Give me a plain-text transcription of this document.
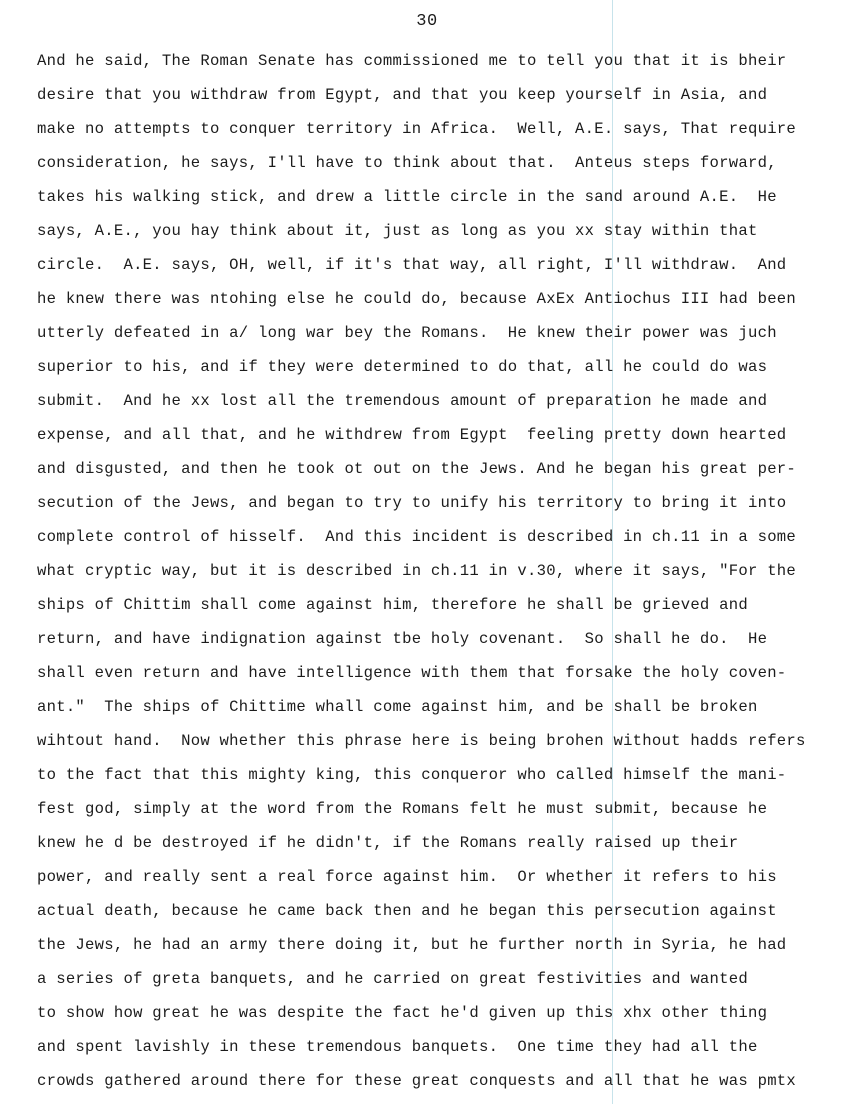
30
And he said, The Roman Senate has commissioned me to tell you that it is bheir
desire that you withdraw from Egypt, and that you keep yourself in Asia, and
make no attempts to conquer territory in Africa.  Well, A.E. says, That require
consideration, he says, I'll have to think about that.  Anteus steps forward,
takes his walking stick, and drew a little circle in the sand around A.E.  He
says, A.E., you hay think about it, just as long as you xx stay within that
circle.  A.E. says, OH, well, if it's that way, all right, I'll withdraw.  And
he knew there was ntohing else he could do, because AxEx Antiochus III had been
utterly defeated in a/ long war bey the Romans.  He knew their power was juch
superior to his, and if they were determined to do that, all he could do was
submit.  And he xx lost all the tremendous amount of preparation he made and
expense, and all that, and he withdrew from Egypt  feeling pretty down hearted
and disgusted, and then he took ot out on the Jews. And he began his great per-
secution of the Jews, and began to try to unify his territory to bring it into
complete control of hisself.  And this incident is described in ch.11 in a some
what cryptic way, but it is described in ch.11 in v.30, where it says, "For the
ships of Chittim shall come against him, therefore he shall be grieved and
return, and have indignation against tbe holy covenant.  So shall he do.  He
shall even return and have intelligence with them that forsake the holy coven-
ant."  The ships of Chittime whall come against him, and be shall be broken
wihtout hand.  Now whether this phrase here is being brohen without hadds refers
to the fact that this mighty king, this conqueror who called himself the mani-
fest god, simply at the word from the Romans felt he must submit, because he
knew he d be destroyed if he didn't, if the Romans really raised up their
power, and really sent a real force against him.  Or whether it refers to his
actual death, because he came back then and he began this persecution against
the Jews, he had an army there doing it, but he further north in Syria, he had
a series of greta banquets, and he carried on great festivities and wanted
to show how great he was despite the fact he'd given up this xhx other thing
and spent lavishly in these tremendous banquets.  One time they had all the
crowds gathered around there for these great conquests and all that he was pmtx
